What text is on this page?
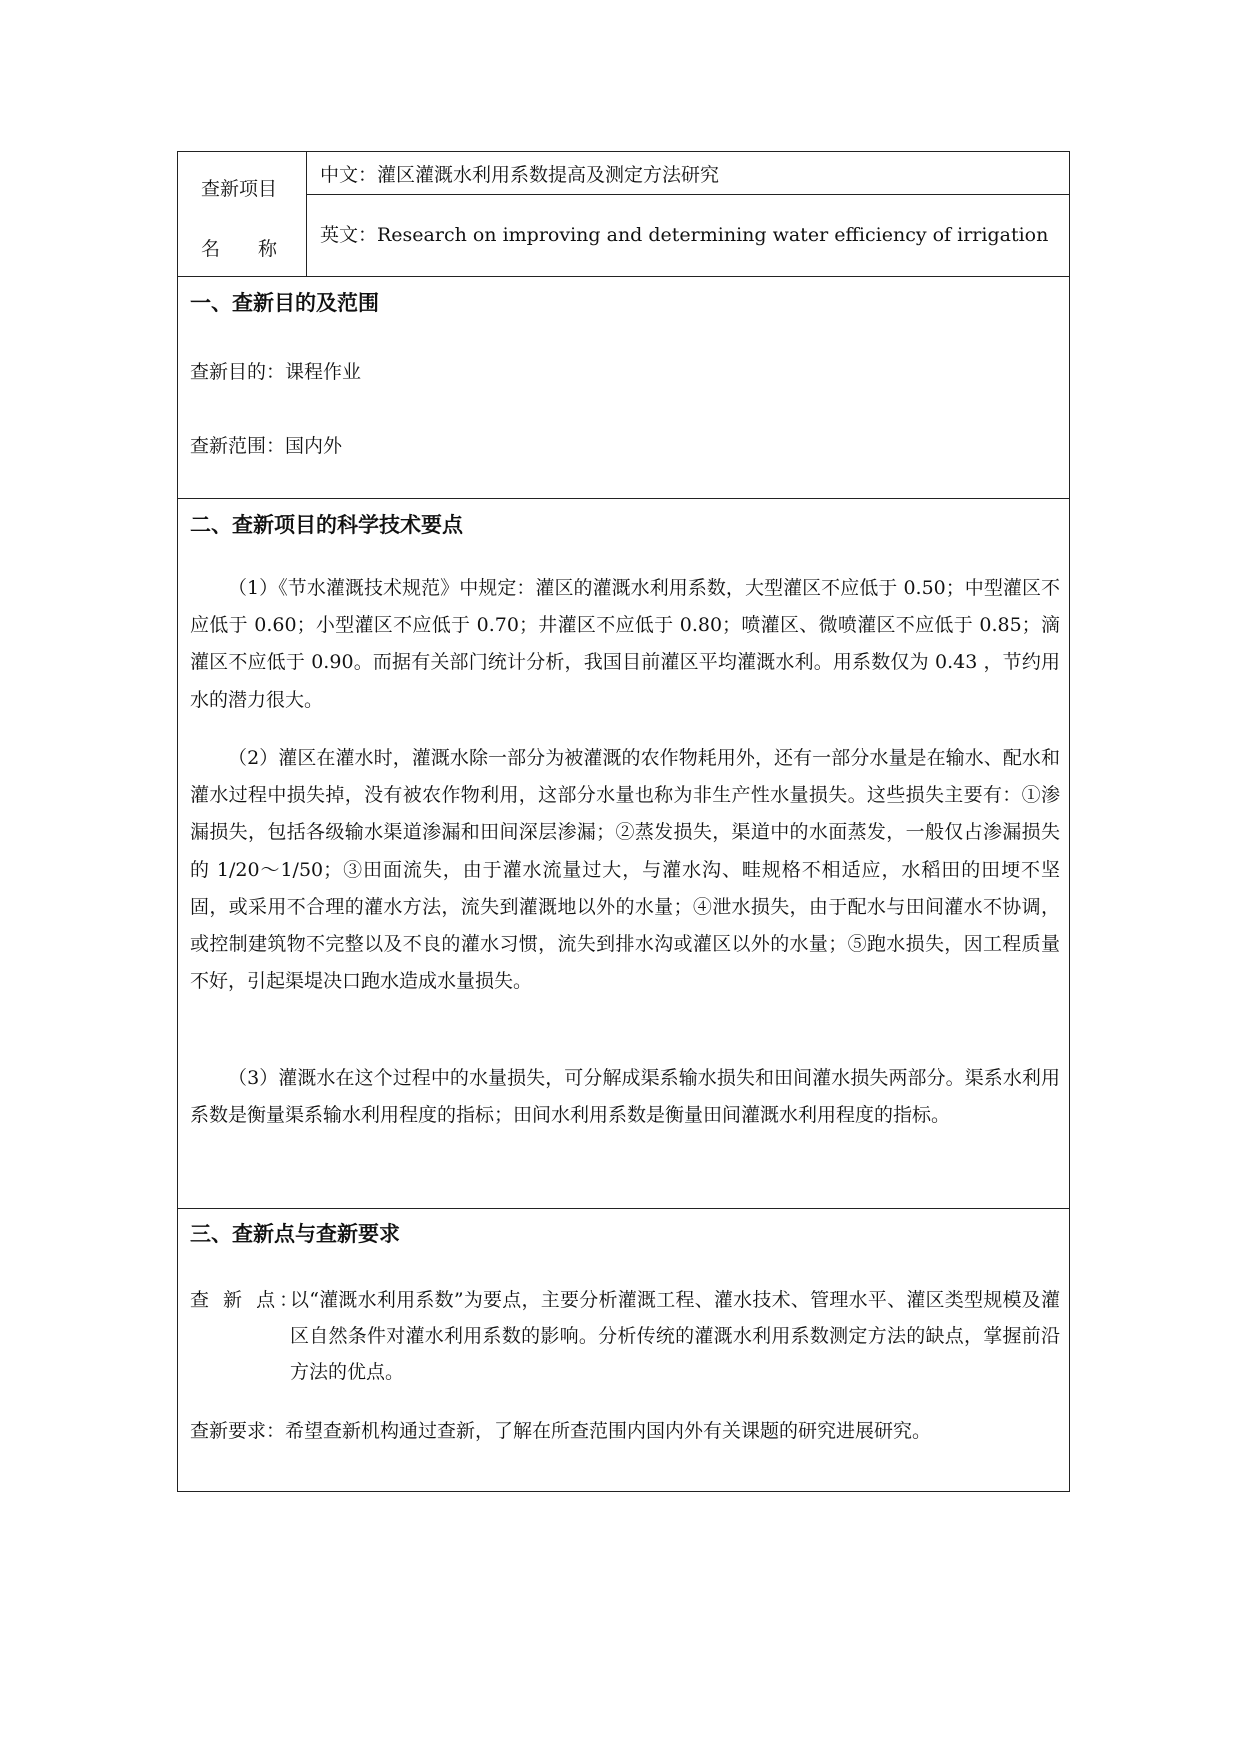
查新项目
名　　称
中文：灌区灌溉水利用系数提高及测定方法研究
英文：Research on improving and determining water efficiency of irrigation
一、查新目的及范围
查新目的：课程作业
查新范围：国内外
二、查新项目的科学技术要点
（1）《节水灌溉技术规范》中规定：灌区的灌溉水利用系数，大型灌区不应低于 0.50；中型灌区不应低于 0.60；小型灌区不应低于 0.70；井灌区不应低于 0.80；喷灌区、微喷灌区不应低于 0.85；滴灌区不应低于 0.90。而据有关部门统计分析，我国目前灌区平均灌溉水利。用系数仅为 0.43 ，节约用水的潜力很大。
（2）灌区在灌水时，灌溉水除一部分为被灌溉的农作物耗用外，还有一部分水量是在输水、配水和灌水过程中损失掉，没有被农作物利用，这部分水量也称为非生产性水量损失。这些损失主要有：①渗漏损失，包括各级输水渠道渗漏和田间深层渗漏；②蒸发损失，渠道中的水面蒸发，一般仅占渗漏损失的 1/20～1/50；③田面流失，由于灌水流量过大，与灌水沟、畦规格不相适应，水稻田的田埂不坚固，或采用不合理的灌水方法，流失到灌溉地以外的水量；④泄水损失，由于配水与田间灌水不协调，或控制建筑物不完整以及不良的灌水习惯，流失到排水沟或灌区以外的水量；⑤跑水损失，因工程质量不好，引起渠堤决口跑水造成水量损失。
（3）灌溉水在这个过程中的水量损失，可分解成渠系输水损失和田间灌水损失两部分。渠系水利用系数是衡量渠系输水利用程度的指标；田间水利用系数是衡量田间灌溉水利用程度的指标。
三、查新点与查新要求
查 新 点：
以“灌溉水利用系数”为要点，主要分析灌溉工程、灌水技术、管理水平、灌区类型规模及灌区自然条件对灌水利用系数的影响。分析传统的灌溉水利用系数测定方法的缺点，掌握前沿方法的优点。
查新要求：希望查新机构通过查新，了解在所查范围内国内外有关课题的研究进展研究。
